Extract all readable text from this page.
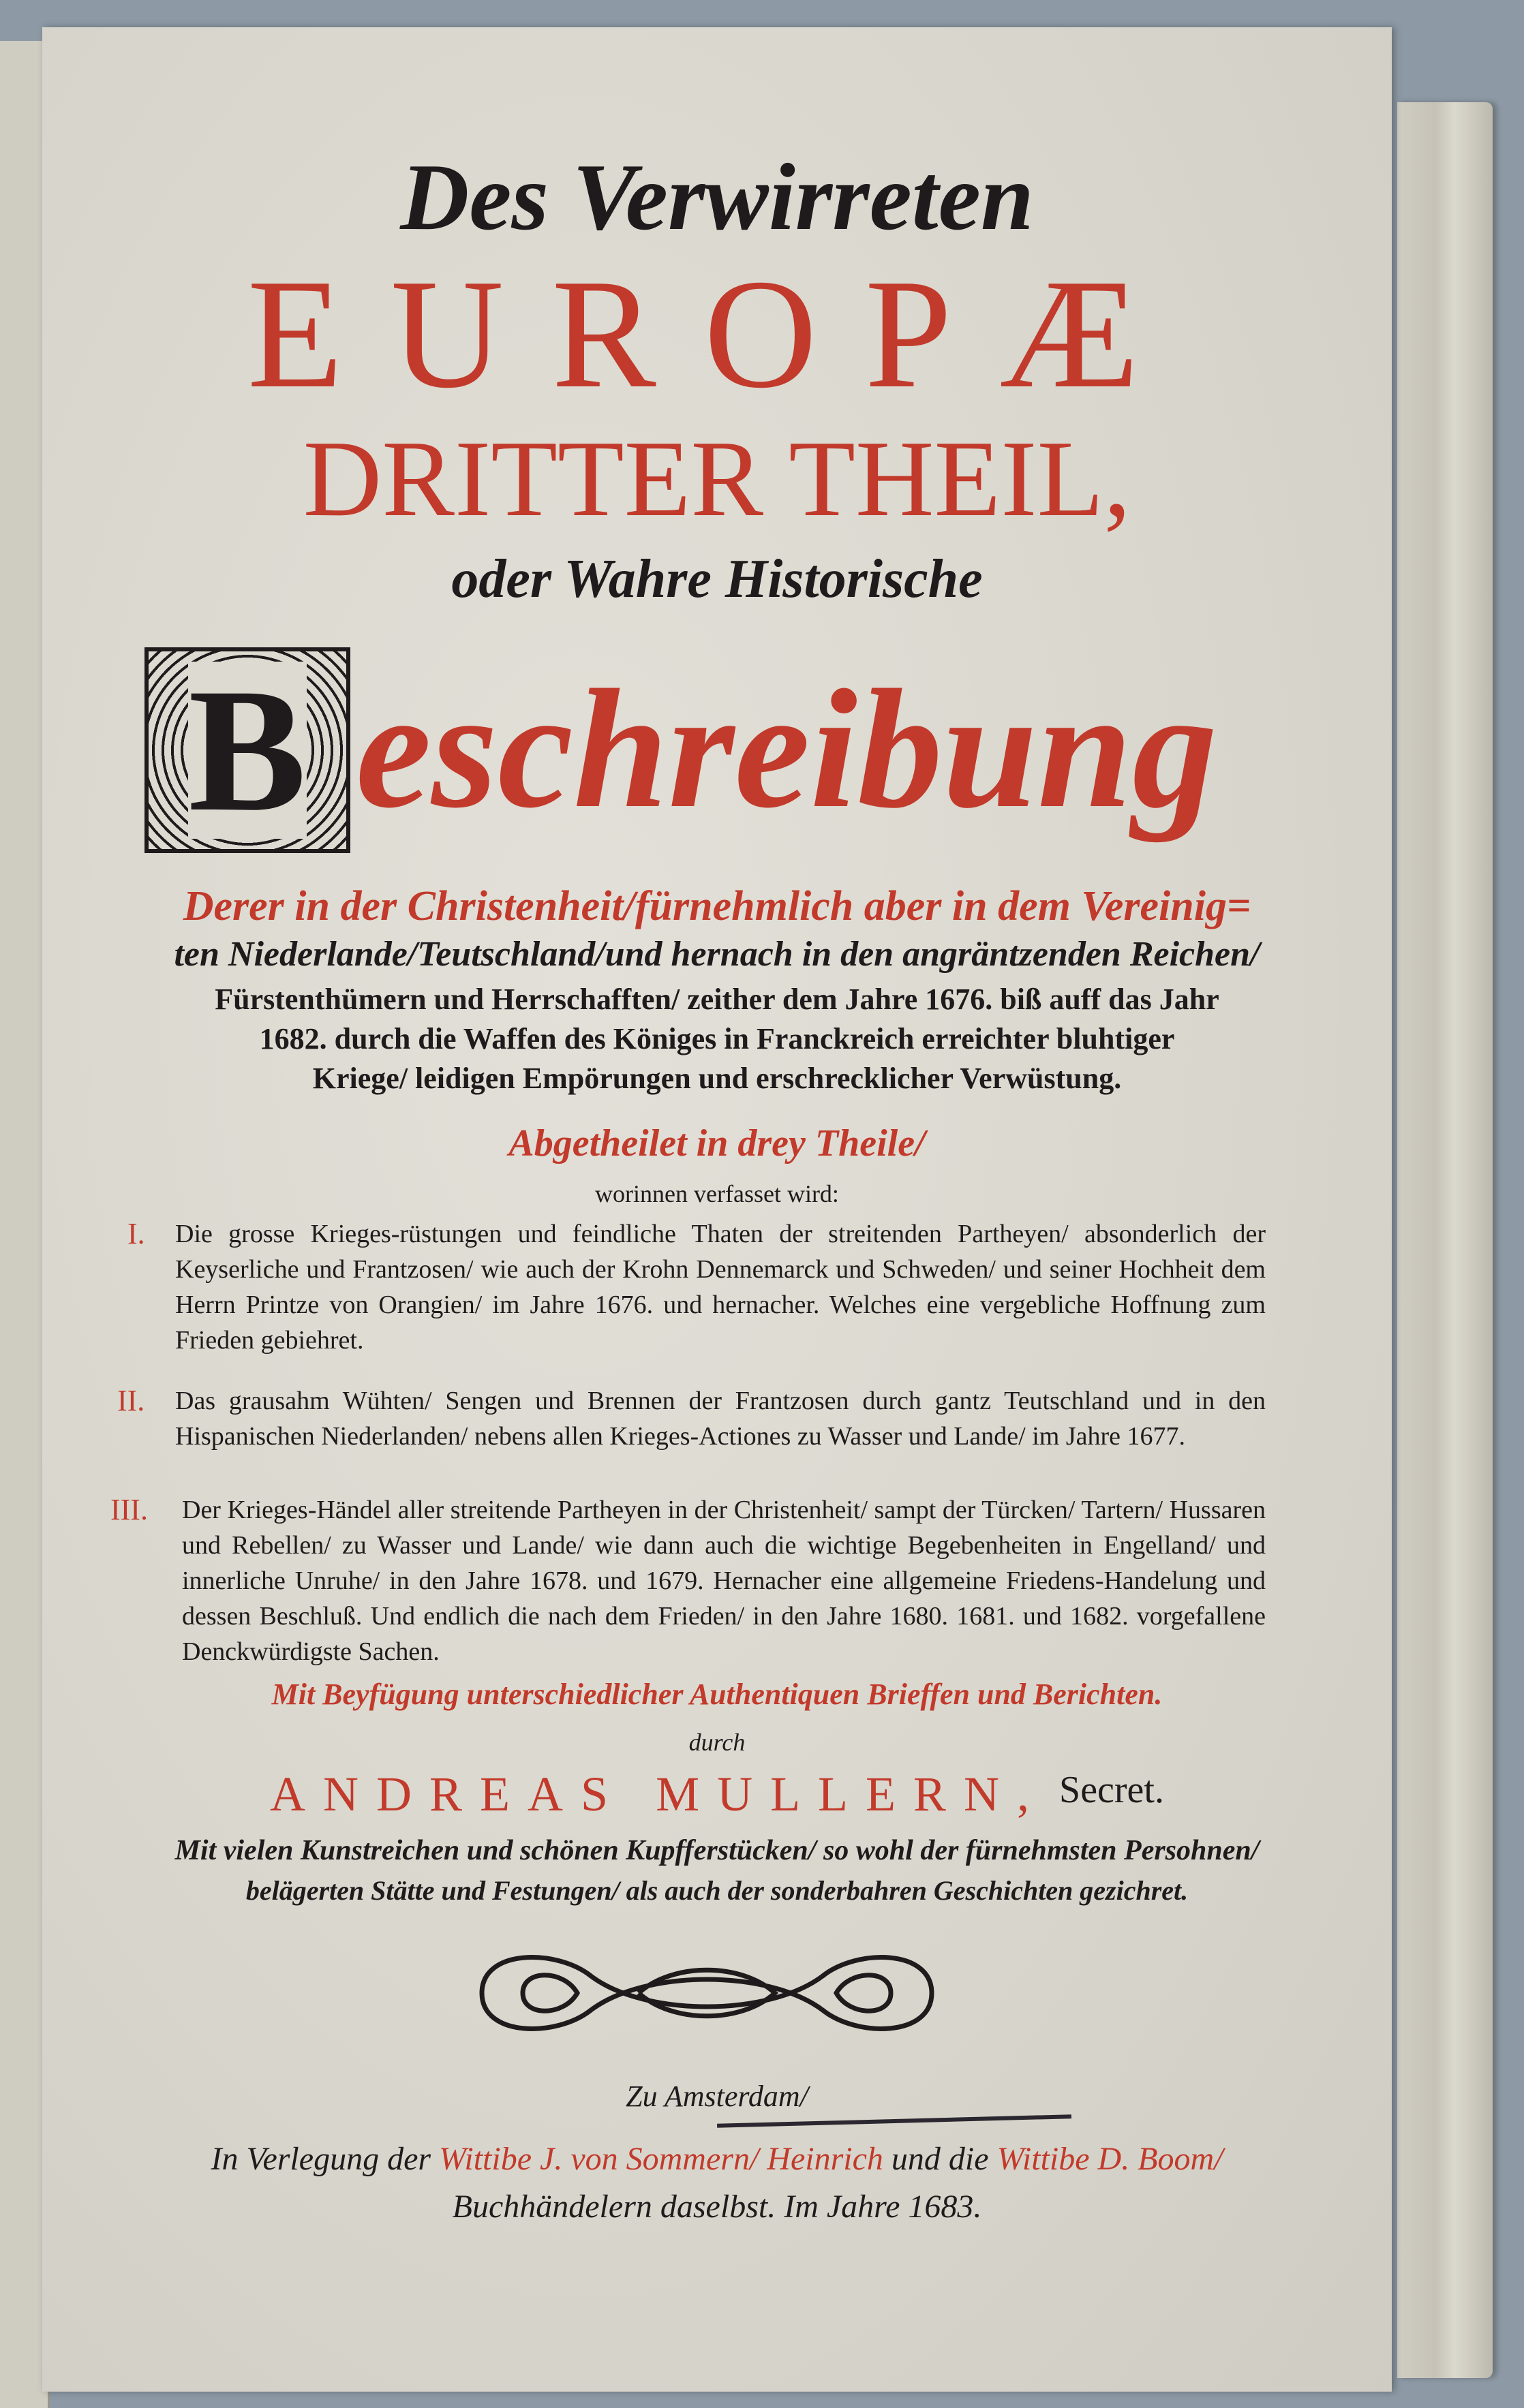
Des Verwirreten
EUROPÆ
DRITTER THEIL,
oder Wahre Historische
B eschreibung
Derer in der Christenheit/fürnehmlich aber in dem Vereinig=
ten Niederlande/Teutschland/und hernach in den angräntzenden Reichen/
Fürstenthümern und Herrschafften/ zeither dem Jahre 1676. biß auff das Jahr
1682. durch die Waffen des Königes in Franckreich erreichter bluhtiger
Kriege/ leidigen Empörungen und erschrecklicher Verwüstung.
Abgetheilet in drey Theile/
worinnen verfasset wird:
I. Die grosse Krieges-rüstungen und feindliche Thaten der streitenden Partheyen/ absonderlich der Keyserliche und Frantzosen/ wie auch der Krohn Dennemarck und Schweden/ und seiner Hochheit dem Herrn Printze von Orangien/ im Jahre 1676. und hernacher. Welches eine vergebliche Hoffnung zum Frieden gebiehret.
II. Das grausahm Wühten/ Sengen und Brennen der Frantzosen durch gantz Teutschland und in den Hispanischen Niederlanden/ nebens allen Krieges-Actiones zu Wasser und Lande/ im Jahre 1677.
III. Der Krieges-Händel aller streitende Partheyen in der Christenheit/ sampt der Türcken/ Tartern/ Hussaren und Rebellen/ zu Wasser und Lande/ wie dann auch die wichtige Begebenheiten in Engelland/ und innerliche Unruhe/ in den Jahre 1678. und 1679. Hernacher eine allgemeine Friedens-Handelung und dessen Beschluß. Und endlich die nach dem Frieden/ in den Jahre 1680. 1681. und 1682. vorgefallene Denckwürdigste Sachen.
Mit Beyfügung unterschiedlicher Authentiquen Brieffen und Berichten.
durch
ANDREAS MULLERN, Secret.
Mit vielen Kunstreichen und schönen Kupfferstücken/ so wohl der fürnehmsten Persohnen/
belägerten Stätte und Festungen/ als auch der sonderbahren Geschichten gezichret.
Zu Amsterdam/
In Verlegung der Wittibe J. von Sommern/ Heinrich und die Wittibe D. Boom/
Buchhändelern daselbst. Im Jahre 1683.
